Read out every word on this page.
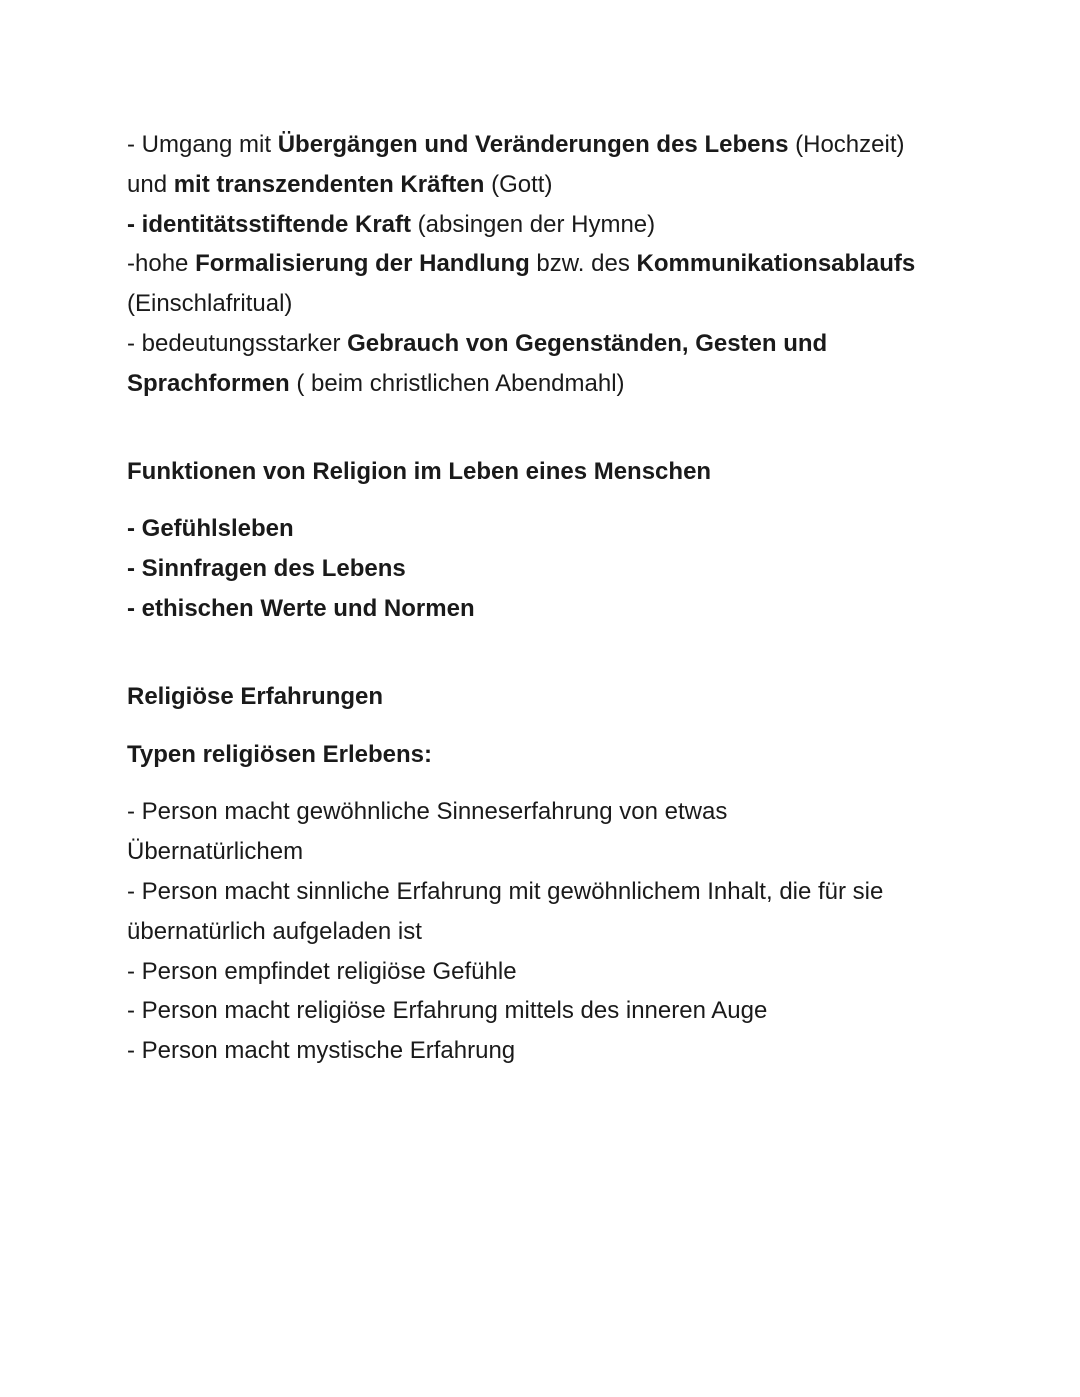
- Umgang mit Übergängen und Veränderungen des Lebens (Hochzeit)

und mit transzendenten Kräften (Gott)

- identitätsstiftende Kraft (absingen der Hymne)

-hohe Formalisierung der Handlung bzw. des Kommunikationsablaufs

(Einschlafritual)

- bedeutungsstarker Gebrauch von Gegenständen, Gesten und

Sprachformen ( beim christlichen Abendmahl)

Funktionen von Religion im Leben eines Menschen

- Gefühlsleben

- Sinnfragen des Lebens

- ethischen Werte und Normen

Religiöse Erfahrungen

Typen religiösen Erlebens:

- Person macht gewöhnliche Sinneserfahrung von etwas

Übernatürlichem

- Person macht sinnliche Erfahrung mit gewöhnlichem Inhalt, die für sie

übernatürlich aufgeladen ist

- Person empfindet religiöse Gefühle

- Person macht religiöse Erfahrung mittels des inneren Auge

- Person macht mystische Erfahrung
